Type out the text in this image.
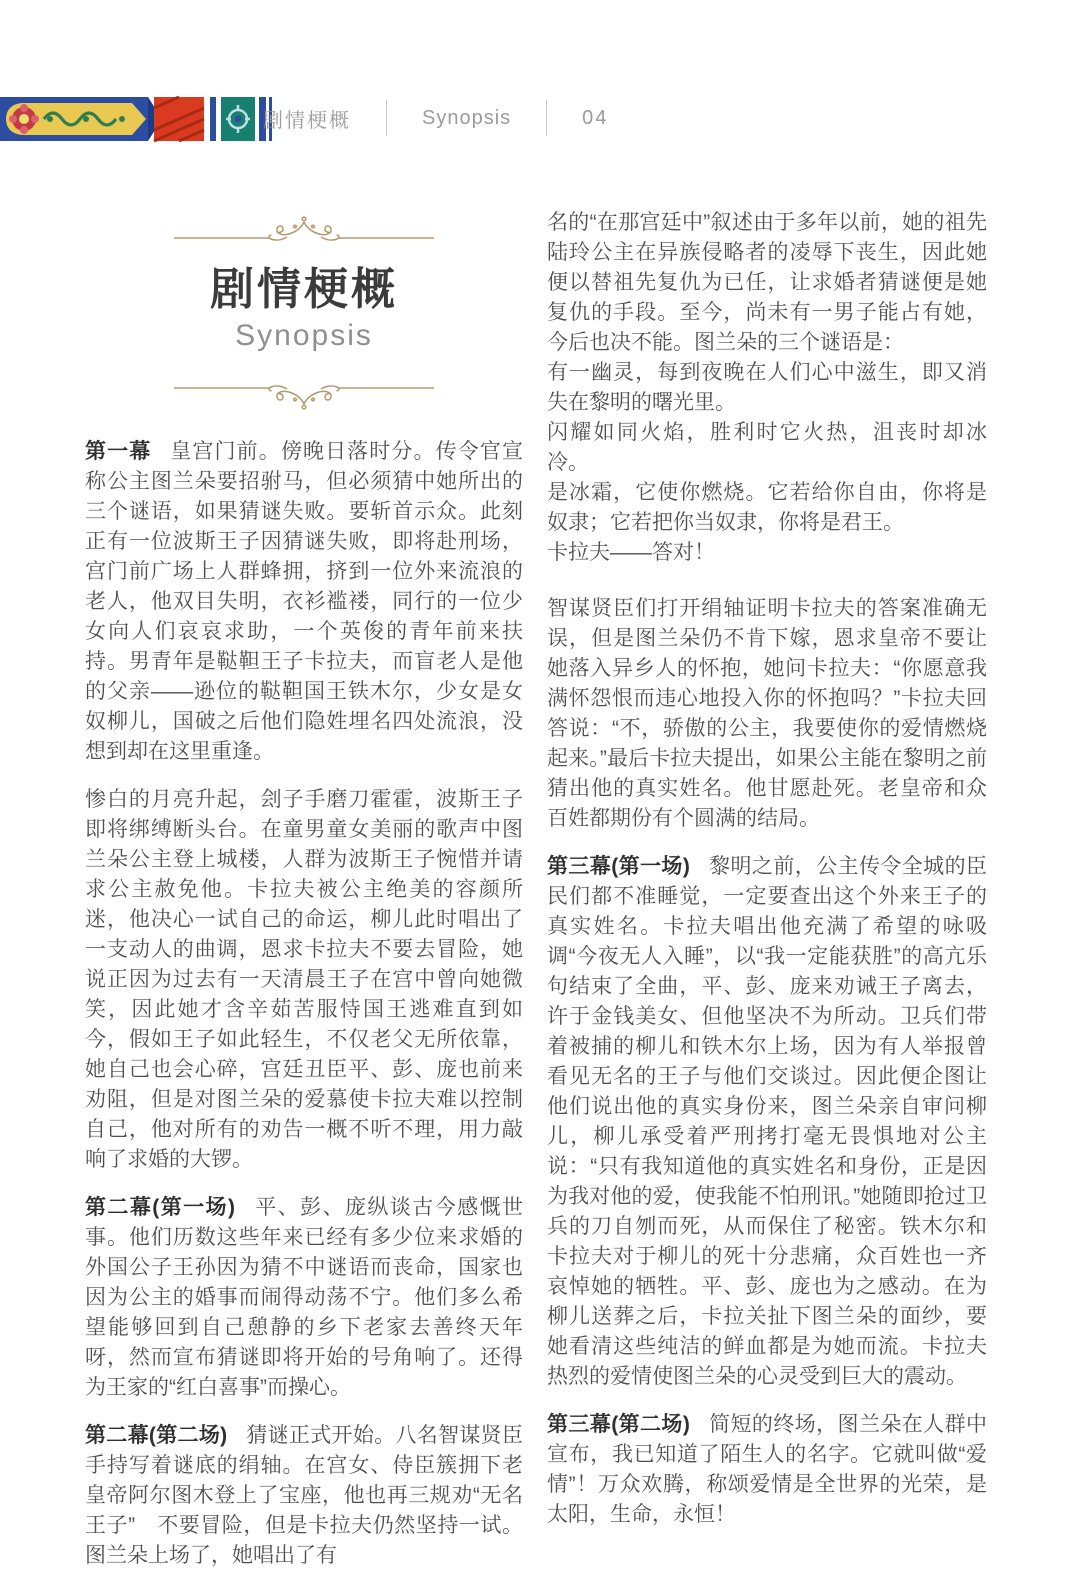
剧情梗概	Synopsis	04
剧情梗概
Synopsis

第一幕 皇宫门前。傍晚日落时分。传令官宣称公主图兰朵要招驸马，但必须猜中她所出的三个谜语，如果猜谜失败。要斩首示众。此刻正有一位波斯王子因猜谜失败，即将赴刑场，宫门前广场上人群蜂拥，挤到一位外来流浪的老人，他双目失明，衣衫褴褛，同行的一位少女向人们哀哀求助，一个英俊的青年前来扶持。男青年是鞑靼王子卡拉夫，而盲老人是他的父亲——逊位的鞑靼国王铁木尔，少女是女奴柳儿，国破之后他们隐姓埋名四处流浪，没想到却在这里重逢。

惨白的月亮升起，刽子手磨刀霍霍，波斯王子即将绑缚断头台。在童男童女美丽的歌声中图兰朵公主登上城楼，人群为波斯王子惋惜并请求公主赦免他。卡拉夫被公主绝美的容颜所迷，他决心一试自己的命运，柳儿此时唱出了一支动人的曲调，恩求卡拉夫不要去冒险，她说正因为过去有一天清晨王子在宫中曾向她微笑，因此她才含辛茹苦服恃国王逃难直到如今，假如王子如此轻生，不仅老父无所依靠，她自己也会心碎，宫廷丑臣平、彭、庞也前来劝阻，但是对图兰朵的爱慕使卡拉夫难以控制自己，他对所有的劝告一概不听不理，用力敲响了求婚的大锣。

第二幕(第一场) 平、彭、庞纵谈古今感慨世事。他们历数这些年来已经有多少位来求婚的外国公子王孙因为猜不中谜语而丧命，国家也因为公主的婚事而闹得动荡不宁。他们多么希望能够回到自己憩静的乡下老家去善终天年呀，然而宣布猜谜即将开始的号角响了。还得为王家的“红白喜事”而操心。

第二幕(第二场) 猜谜正式开始。八名智谋贤臣手持写着谜底的绢轴。在宫女、侍臣簇拥下老皇帝阿尔图木登上了宝座，他也再三规劝“无名王子”　不要冒险，但是卡拉夫仍然坚持一试。图兰朵上场了，她唱出了有

名的“在那宫廷中”叙述由于多年以前，她的祖先陆玲公主在异族侵略者的凌辱下丧生，因此她便以替祖先复仇为已任，让求婚者猜谜便是她复仇的手段。至今，尚未有一男子能占有她，今后也决不能。图兰朵的三个谜语是：

有一幽灵，每到夜晚在人们心中滋生，即又消失在黎明的曙光里。

闪耀如同火焰，胜利时它火热，沮丧时却冰冷。

是冰霜，它使你燃烧。它若给你自由，你将是奴隶；它若把你当奴隶，你将是君王。

卡拉夫——答对！

智谋贤臣们打开绢轴证明卡拉夫的答案准确无误，但是图兰朵仍不肯下嫁，恩求皇帝不要让她落入异乡人的怀抱，她问卡拉夫：“你愿意我满怀怨恨而违心地投入你的怀抱吗？”卡拉夫回答说：“不，骄傲的公主，我要使你的爱情燃烧起来。”最后卡拉夫提出，如果公主能在黎明之前猜出他的真实姓名。他甘愿赴死。老皇帝和众百姓都期份有个圆满的结局。

第三幕(第一场) 黎明之前，公主传令全城的臣民们都不准睡觉，一定要查出这个外来王子的真实姓名。卡拉夫唱出他充满了希望的咏吸调“今夜无人入睡”，以“我一定能获胜”的高亢乐句结束了全曲，平、彭、庞来劝诫王子离去，许于金钱美女、但他坚决不为所动。卫兵们带着被捕的柳儿和铁木尔上场，因为有人举报曾看见无名的王子与他们交谈过。因此便企图让他们说出他的真实身份来，图兰朵亲自审问柳儿，柳儿承受着严刑拷打毫无畏惧地对公主说：“只有我知道他的真实姓名和身份，正是因为我对他的爱，使我能不怕刑讯。”她随即抢过卫兵的刀自刎而死，从而保住了秘密。铁木尔和卡拉夫对于柳儿的死十分悲痛，众百姓也一齐哀悼她的牺牲。平、彭、庞也为之感动。在为柳儿送葬之后，卡拉关扯下图兰朵的面纱，要她看清这些纯洁的鲜血都是为她而流。卡拉夫热烈的爱情使图兰朵的心灵受到巨大的震动。

第三幕(第二场) 简短的终场，图兰朵在人群中宣布，我已知道了陌生人的名字。它就叫做“爱情”！万众欢腾，称颂爱情是全世界的光荣，是太阳，生命，永恒！
